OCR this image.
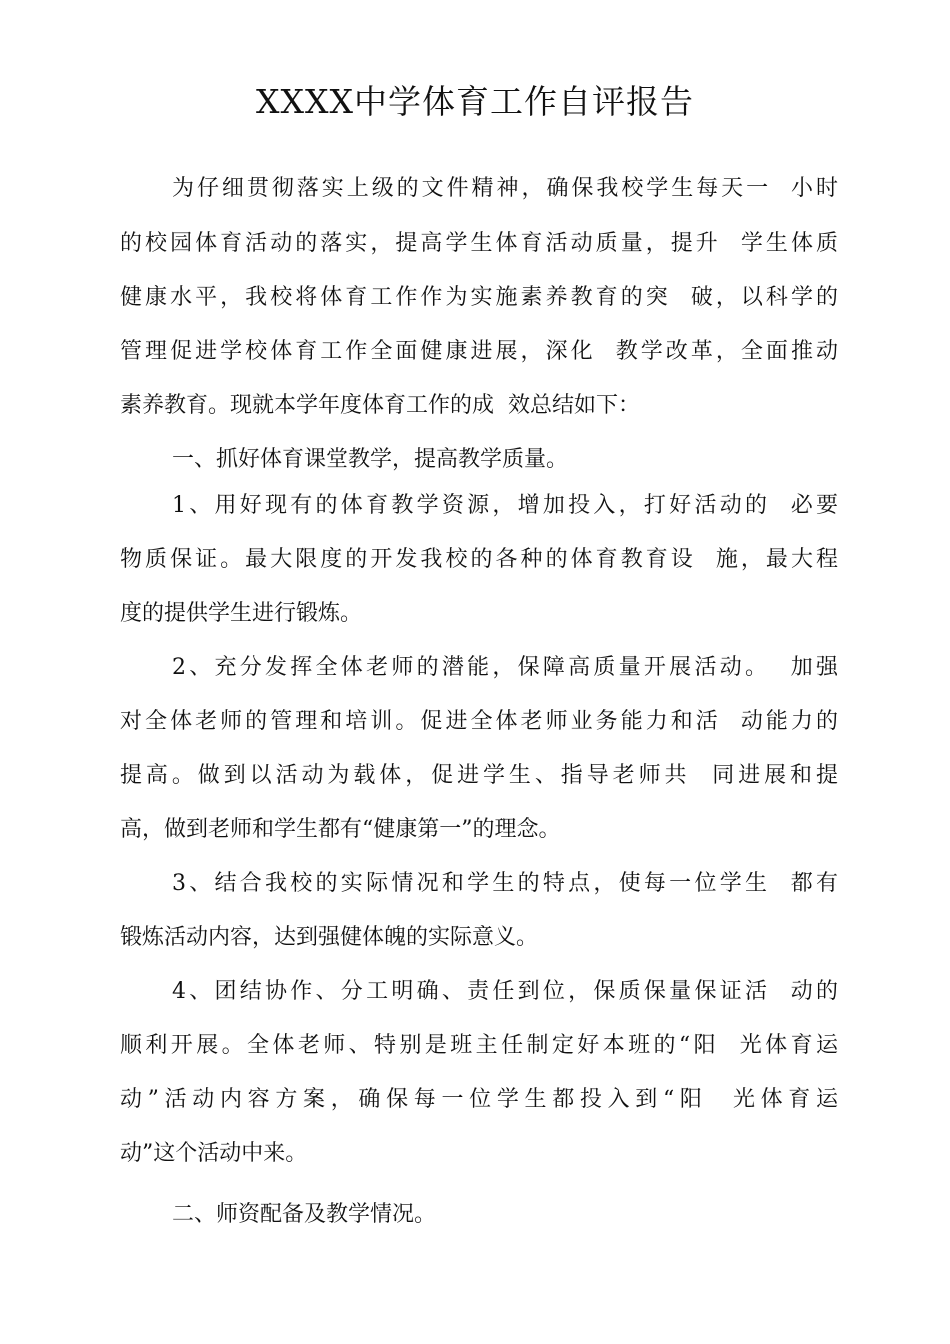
XXXX中学体育工作自评报告
为仔细贯彻落实上级的文件精神，确保我校学生每天一  小时
的校园体育活动的落实，提高学生体育活动质量，提升  学生体质
健康水平，我校将体育工作作为实施素养教育的突  破，以科学的
管理促进学校体育工作全面健康进展，深化  教学改革，全面推动
素养教育。现就本学年度体育工作的成  效总结如下：
一、抓好体育课堂教学，提高教学质量。
1、用好现有的体育教学资源，增加投入，打好活动的  必要
物质保证。最大限度的开发我校的各种的体育教育设  施，最大程
度的提供学生进行锻炼。
2、充分发挥全体老师的潜能，保障高质量开展活动。  加强
对全体老师的管理和培训。促进全体老师业务能力和活  动能力的
提高。做到以活动为载体，促进学生、指导老师共  同进展和提
高，做到老师和学生都有“健康第一”的理念。
3、结合我校的实际情况和学生的特点，使每一位学生  都有
锻炼活动内容，达到强健体魄的实际意义。
4、团结协作、分工明确、责任到位，保质保量保证活  动的
顺利开展。全体老师、特别是班主任制定好本班的“阳  光体育运
动”活动内容方案，确保每一位学生都投入到“阳  光体育运
动”这个活动中来。
二、师资配备及教学情况。
